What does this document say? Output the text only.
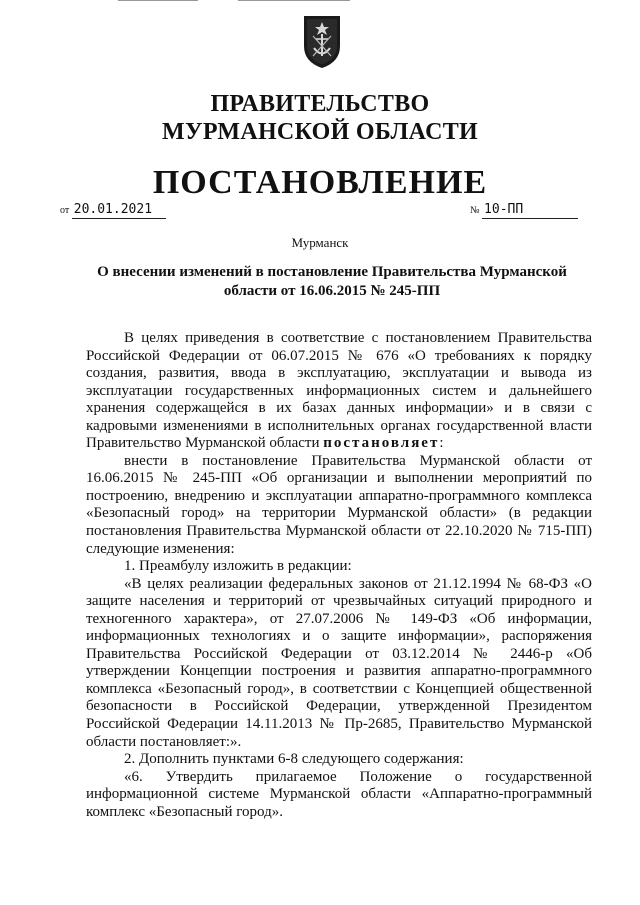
ПРАВИТЕЛЬСТВО
МУРМАНСКОЙ ОБЛАСТИ
ПОСТАНОВЛЕНИЕ
от 20.01.2021	№ 10-ПП
Мурманск
О внесении изменений в постановление Правительства Мурманской области от 16.06.2015 № 245-ПП

В целях приведения в соответствие с постановлением Правительства Российской Федерации от 06.07.2015 № 676 «О требованиях к порядку создания, развития, ввода в эксплуатацию, эксплуатации и вывода из эксплуатации государственных информационных систем и дальнейшего хранения содержащейся в их базах данных информации» и в связи с кадровыми изменениями в исполнительных органах государственной власти Правительство Мурманской области постановляет:

внести в постановление Правительства Мурманской области от 16.06.2015 № 245-ПП «Об организации и выполнении мероприятий по построению, внедрению и эксплуатации аппаратно-программного комплекса «Безопасный город» на территории Мурманской области» (в редакции постановления Правительства Мурманской области от 22.10.2020 № 715-ПП) следующие изменения:

1. Преамбулу изложить в редакции:

«В целях реализации федеральных законов от 21.12.1994 № 68-ФЗ «О защите населения и территорий от чрезвычайных ситуаций природного и техногенного характера», от 27.07.2006 № 149-ФЗ «Об информации, информационных технологиях и о защите информации», распоряжения Правительства Российской Федерации от 03.12.2014 № 2446-р «Об утверждении Концепции построения и развития аппаратно-программного комплекса «Безопасный город», в соответствии с Концепцией общественной безопасности в Российской Федерации, утвержденной Президентом Российской Федерации 14.11.2013 № Пр-2685, Правительство Мурманской области постановляет:».

2. Дополнить пунктами 6-8 следующего содержания:

«6. Утвердить прилагаемое Положение о государственной информационной системе Мурманской области «Аппаратно-программный комплекс «Безопасный город».
